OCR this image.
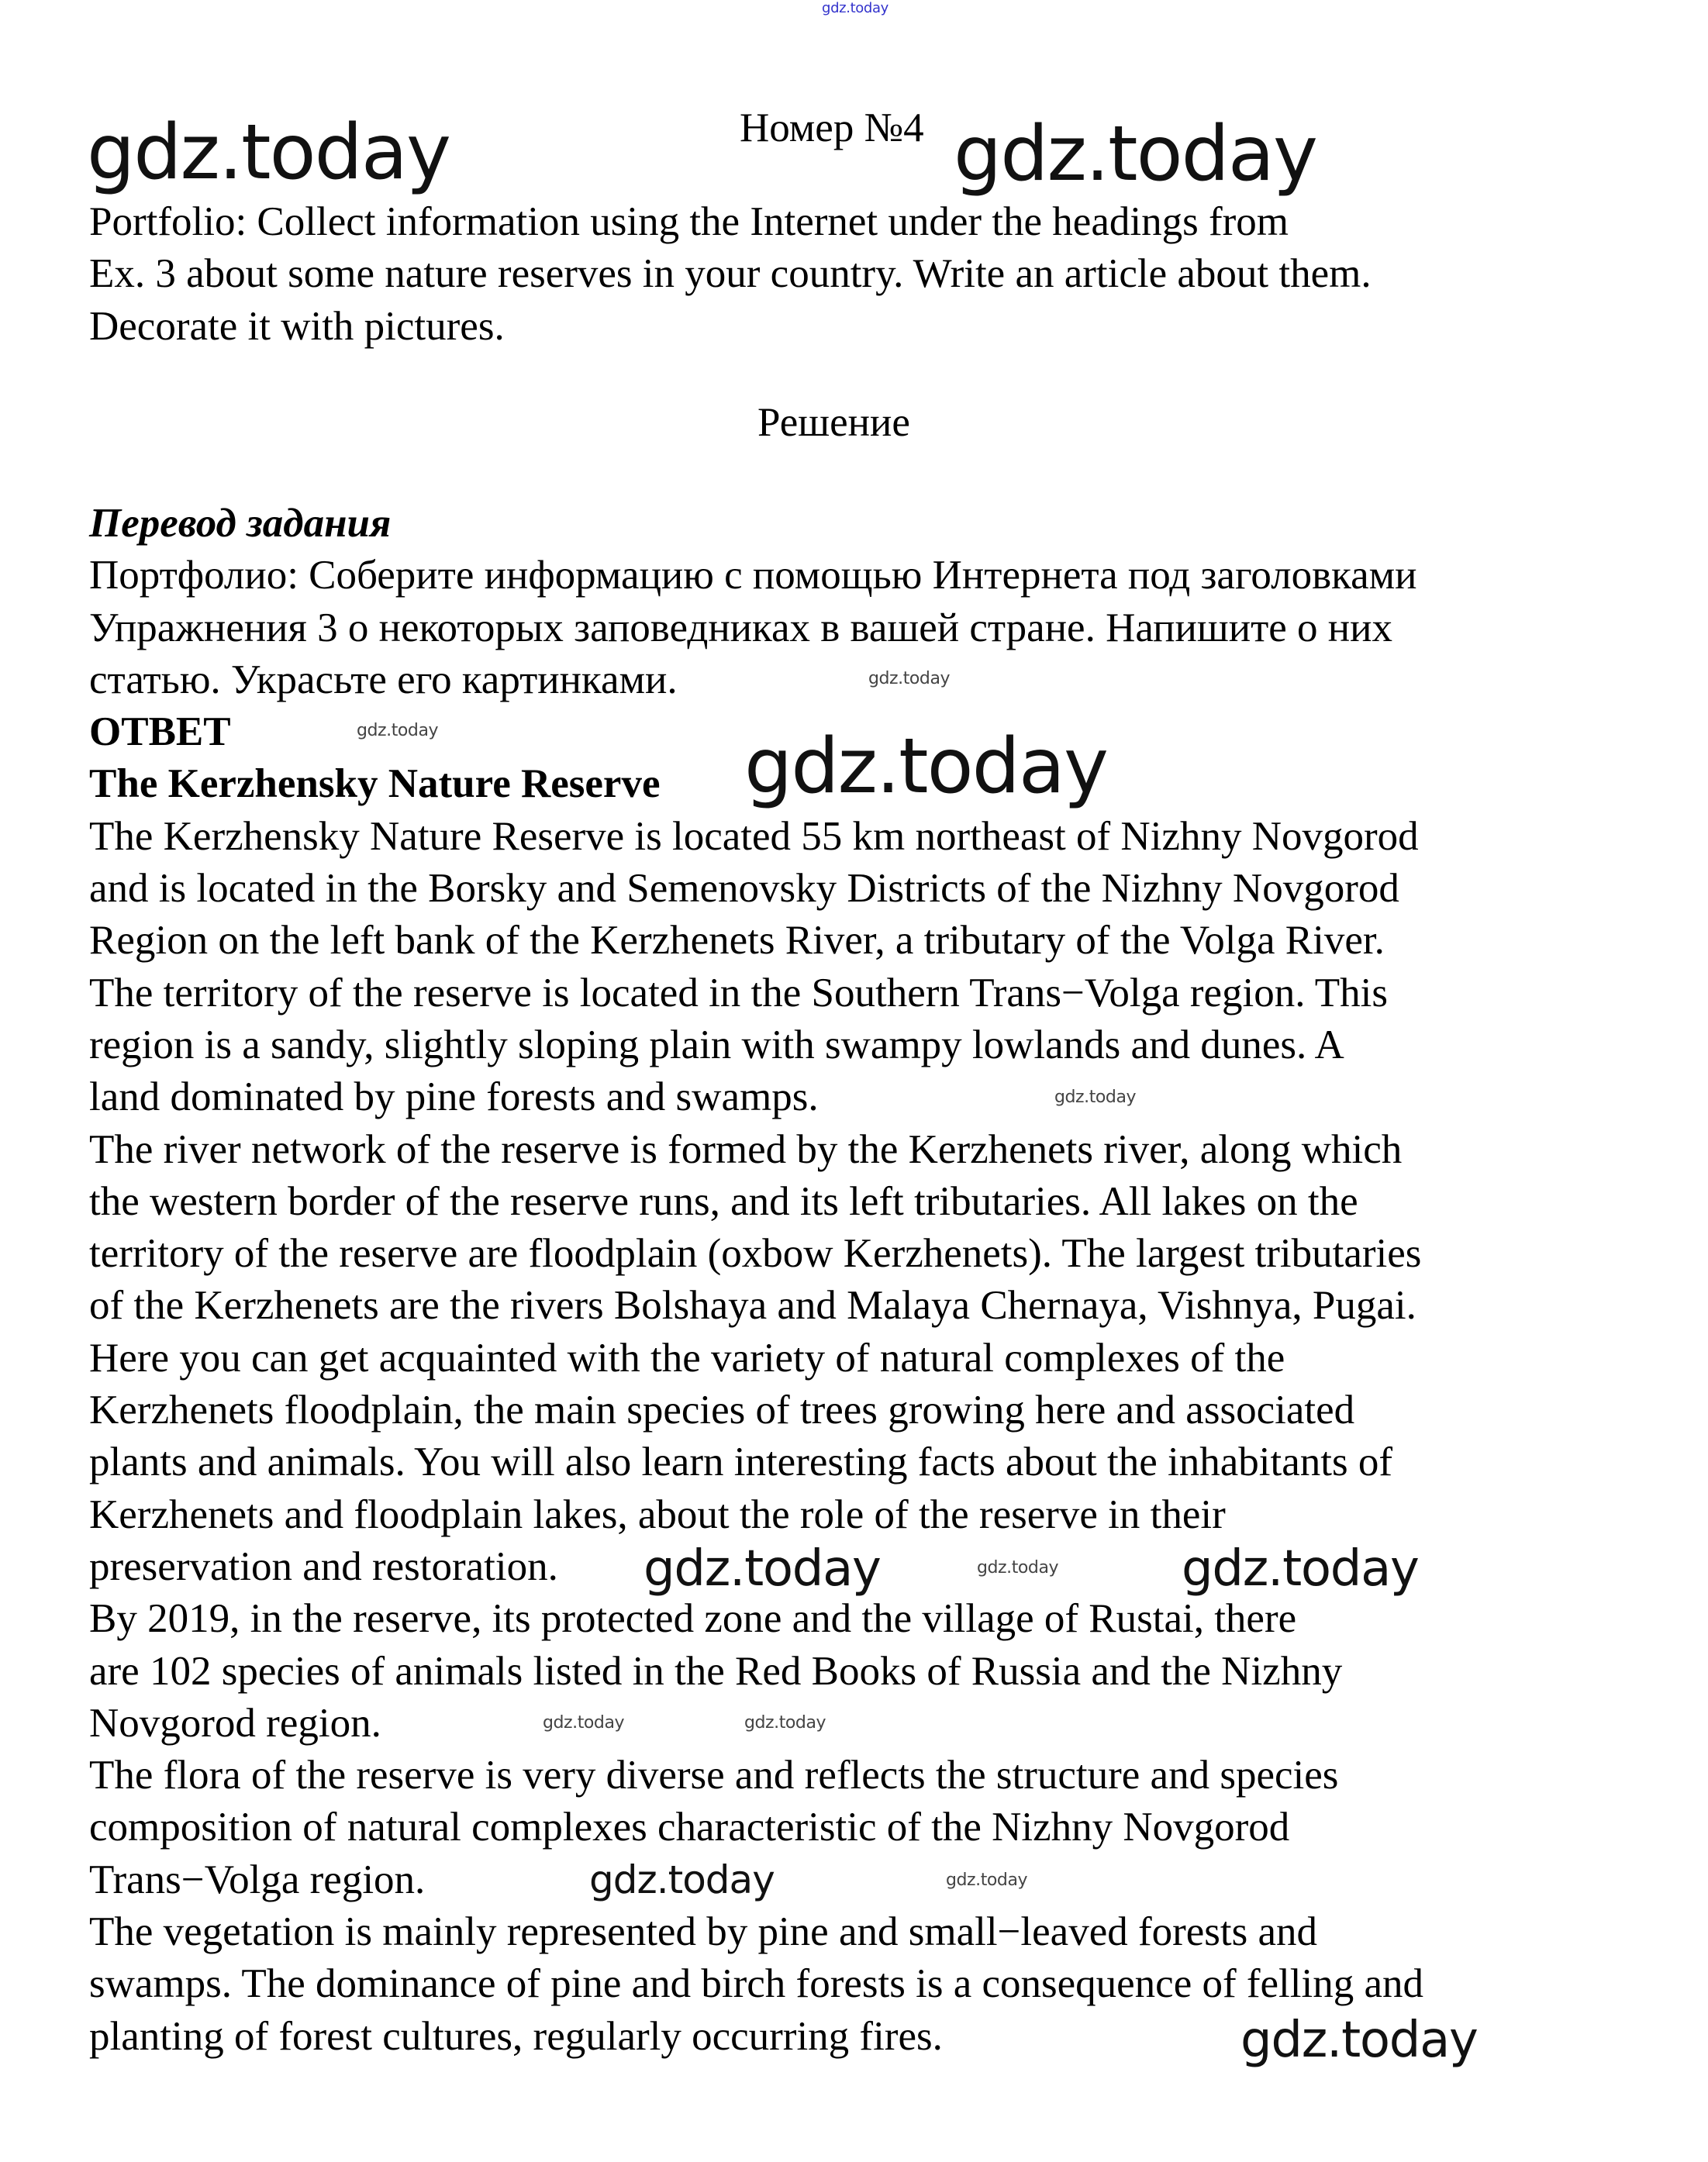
gdz.today
gdz.today	gdz.today
gdz.today
gdz.today
gdz.today
gdz.today
gdz.today
gdz.today	gdz.today
gdz.today	gdz.today
gdz.today	gdz.today
gdz.today
Номер №4
Portfolio: Collect information using the Internet under the headings from
Ex. 3 about some nature reserves in your country. Write an article about them.
Decorate it with pictures.
Решение
Перевод задания
Портфолио: Соберите информацию с помощью Интернета под заголовками
Упражнения 3 о некоторых заповедниках в вашей стране. Напишите о них
статью. Украсьте его картинками.
ОТВЕТ
The Kerzhensky Nature Reserve
The Kerzhensky Nature Reserve is located 55 km northeast of Nizhny Novgorod
and is located in the Borsky and Semenovsky Districts of the Nizhny Novgorod
Region on the left bank of the Kerzhenets River, a tributary of the Volga River.
The territory of the reserve is located in the Southern Trans−Volga region. This
region is a sandy, slightly sloping plain with swampy lowlands and dunes. A
land dominated by pine forests and swamps.
The river network of the reserve is formed by the Kerzhenets river, along which
the western border of the reserve runs, and its left tributaries. All lakes on the
territory of the reserve are floodplain (oxbow Kerzhenets). The largest tributaries
of the Kerzhenets are the rivers Bolshaya and Malaya Chernaya, Vishnya, Pugai.
Here you can get acquainted with the variety of natural complexes of the
Kerzhenets floodplain, the main species of trees growing here and associated
plants and animals. You will also learn interesting facts about the inhabitants of
Kerzhenets and floodplain lakes, about the role of the reserve in their
preservation and restoration.
By 2019, in the reserve, its protected zone and the village of Rustai, there
are 102 species of animals listed in the Red Books of Russia and the Nizhny
Novgorod region.
The flora of the reserve is very diverse and reflects the structure and species
composition of natural complexes characteristic of the Nizhny Novgorod
Trans−Volga region.
The vegetation is mainly represented by pine and small−leaved forests and
swamps. The dominance of pine and birch forests is a consequence of felling and
planting of forest cultures, regularly occurring fires.
